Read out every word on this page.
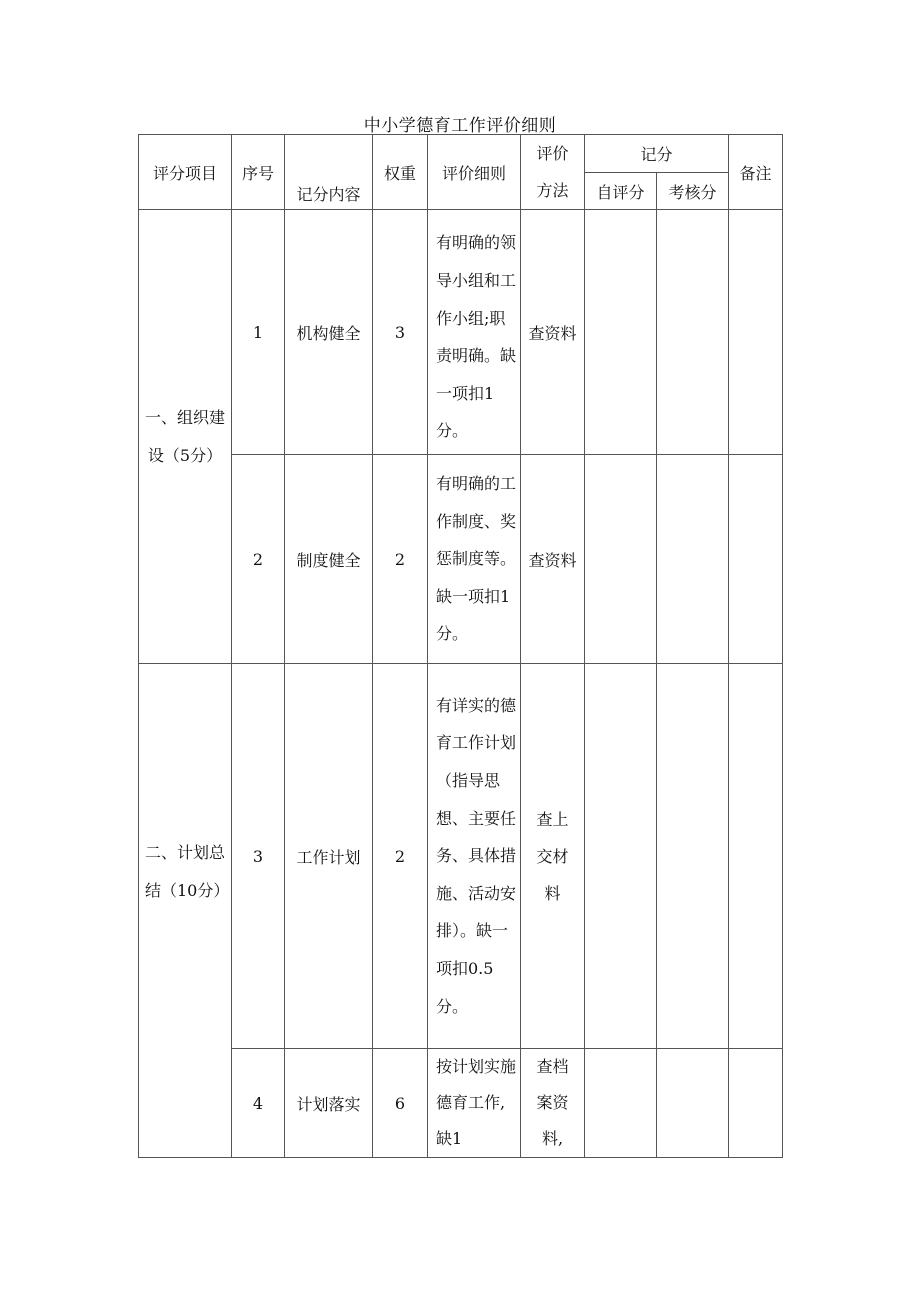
中小学德育工作评价细则
评分项目	序号	记分内容	权重	评价细则	评价方法	记分		备注
						自评分	考核分	
一、组织建设（5分）	1	机构健全	3	有明确的领导小组和工作小组;职责明确。缺一项扣1分。	查资料			
	2	制度健全	2	有明确的工作制度、奖惩制度等。缺一项扣1分。	查资料			
二、计划总结（10分）	3	工作计划	2	有详实的德育工作计划（指导思想、主要任务、具体措施、活动安排）。缺一项扣0.5 分。	查上交材料			
	4	计划落实	6	按计划实施德育工作,缺1	查档案资料,			
